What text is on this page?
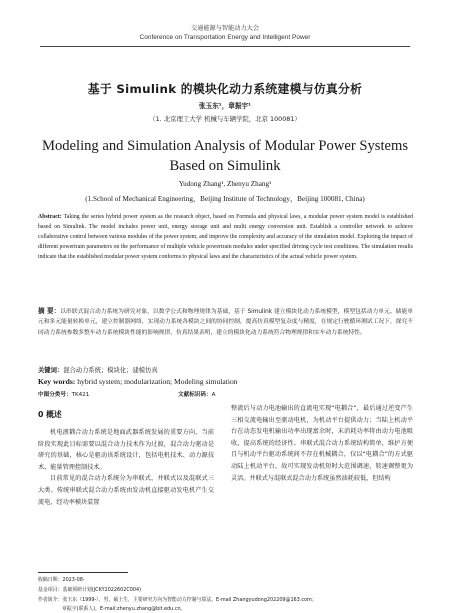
交通能源与智能动力大会
Conference on Transportation Energy and Intelligent Power
基于 Simulink 的模块化动力系统建模与仿真分析
张玉东¹，章振宇¹
（1. 北京理工大学 机械与车辆学院，北京 100081）
Modeling and Simulation Analysis of Modular Power Systems Based on Simulink
Yudong Zhang¹, Zhenyu Zhang¹
(1.School of Mechanical Engineering，Beijing Institute of Technology，Beijing 100081, China)
Abstract: Taking the series hybrid power system as the research object, based on Formula and physical laws, a modular power system model is established based on Simulink. The model includes power unit, energy storage unit and multi energy conversion unit. Establish a controller network to achieve collaborative control between various modules of the power system, and improve the complexity and accuracy of the simulation model. Exploring the impact of different powertrain parameters on the performance of multiple vehicle powertrain modules under specified driving cycle test conditions. The simulation results indicate that the established modular power system conforms to physical laws and the characteristics of the actual vehicle power system.
摘 要：以串联式混合动力系统为研究对象，以数学公式和物理规律为基础，基于 Simulink 建立模块化动力系统模型，模型包括动力单元、储能单元和多元能量转换单元，建立控制器网络，实现动力系统各模块之间的协同控制，提高仿真模型复杂度与精度，在规定行驶循环测试工况下，探究不同动力系统参数多整车动力系统模块性能的影响规律，仿真结果表明，建立的模块化动力系统符合物理规律和实车动力系统特性。
关键词：混合动力系统；模块化；建模仿真
Key words: hybrid system; modularization; Modeling simulation
中图分类号：TK421	文献标识码：A
0 概述

机电液耦合动力系统是地面武器系统发展的重要方向，当前阶段实现此目标需要以混合动力技术作为过渡，混合动力驱动是研究的基础，核心是驱动该系统设计，包括电机技术、动力源技术、能量管理控制技术。

目前常见的混合动力系统分为串联式、并联式以及混联式三大类。传统串联式混合动力系统由发动机直接驱动发电机产生交流电，经功率模块装置

整流后与动力电池输出的直流电实现“电耦合”，最后通过逆变产生三相交流电输出至驱动电机，为机动平台提供动力；当陆上机动平台在动态发电机输出功率出现富余时，末消耗功率将由动力电池吸收，提高系统的经济性。串联式混合动力系统结构简单，维护方便且与机动平台驱动系统间不存在机械耦合，仅以“电耦合”的方式驱动陆上机动平台，故可实现发动机短时大范围调速，转速调整更为灵活。并联式与混联式混合动力系统虽然油耗较低，但结构

收稿日期：2023-08-
基金项目：基础预研计划(JCKY2022602C004)
作者简介：张玉东（1999-），男，硕士生，主要研究方向为智能动力控制与算法。E-mail Zhangyudong202209@163.com；
章振宇(联系人)，E-mail:zhenyu.zhang@bit.edu.cn。
